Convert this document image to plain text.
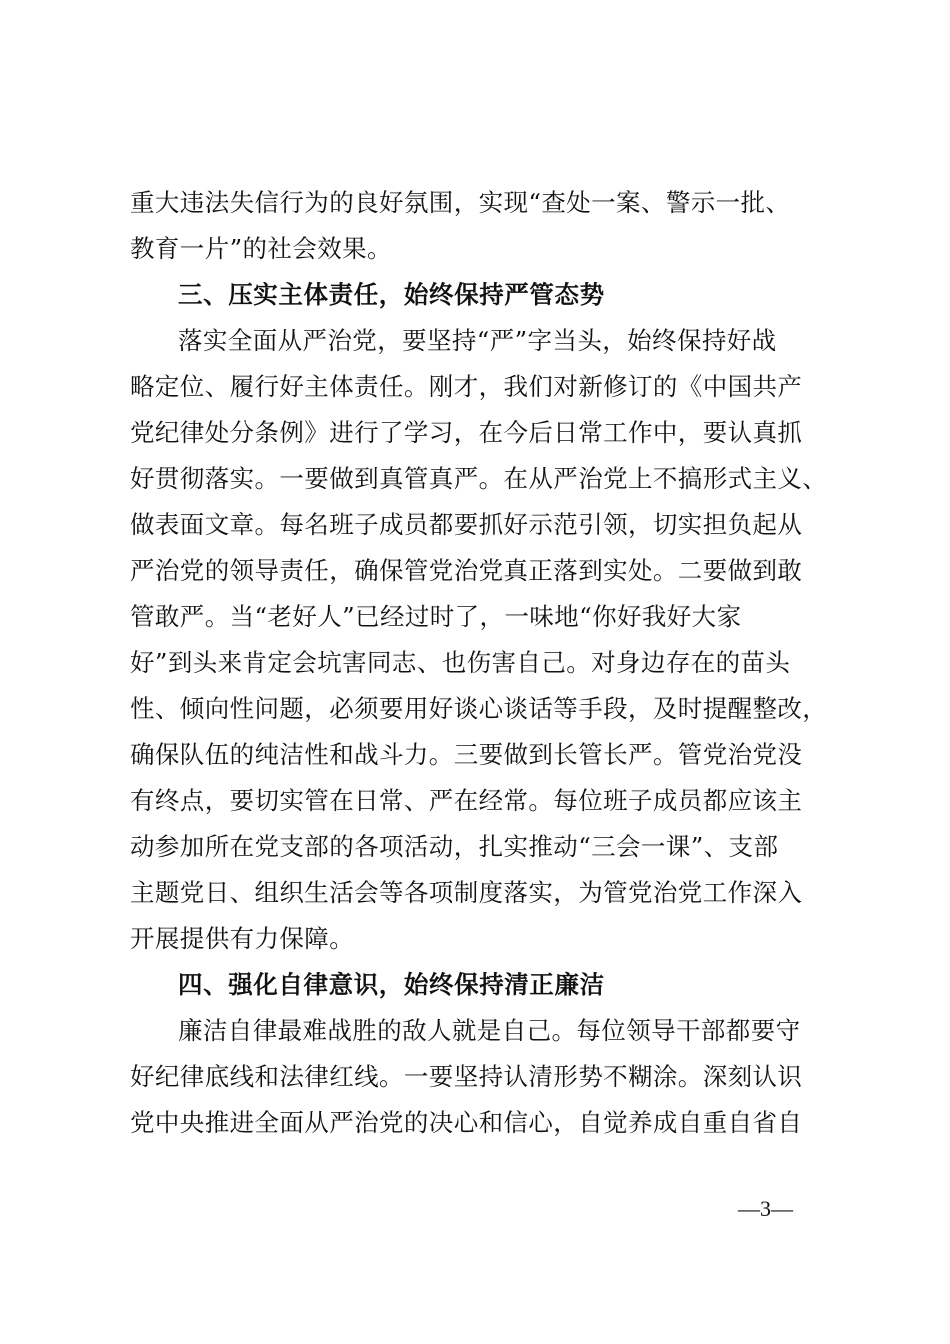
重大违法失信行为的良好氛围，实现“查处一案、警示一批、
教育一片”的社会效果。
三、压实主体责任，始终保持严管态势
落实全面从严治党，要坚持“严”字当头，始终保持好战
略定位、履行好主体责任。刚才，我们对新修订的《中国共产
党纪律处分条例》进行了学习，在今后日常工作中，要认真抓
好贯彻落实。一要做到真管真严。在从严治党上不搞形式主义、
做表面文章。每名班子成员都要抓好示范引领，切实担负起从
严治党的领导责任，确保管党治党真正落到实处。二要做到敢
管敢严。当“老好人”已经过时了，一味地“你好我好大家
好”到头来肯定会坑害同志、也伤害自己。对身边存在的苗头
性、倾向性问题，必须要用好谈心谈话等手段，及时提醒整改，
确保队伍的纯洁性和战斗力。三要做到长管长严。管党治党没
有终点，要切实管在日常、严在经常。每位班子成员都应该主
动参加所在党支部的各项活动，扎实推动“三会一课”、支部
主题党日、组织生活会等各项制度落实，为管党治党工作深入
开展提供有力保障。
四、强化自律意识，始终保持清正廉洁
廉洁自律最难战胜的敌人就是自己。每位领导干部都要守
好纪律底线和法律红线。一要坚持认清形势不糊涂。深刻认识
党中央推进全面从严治党的决心和信心，自觉养成自重自省自
—3—
